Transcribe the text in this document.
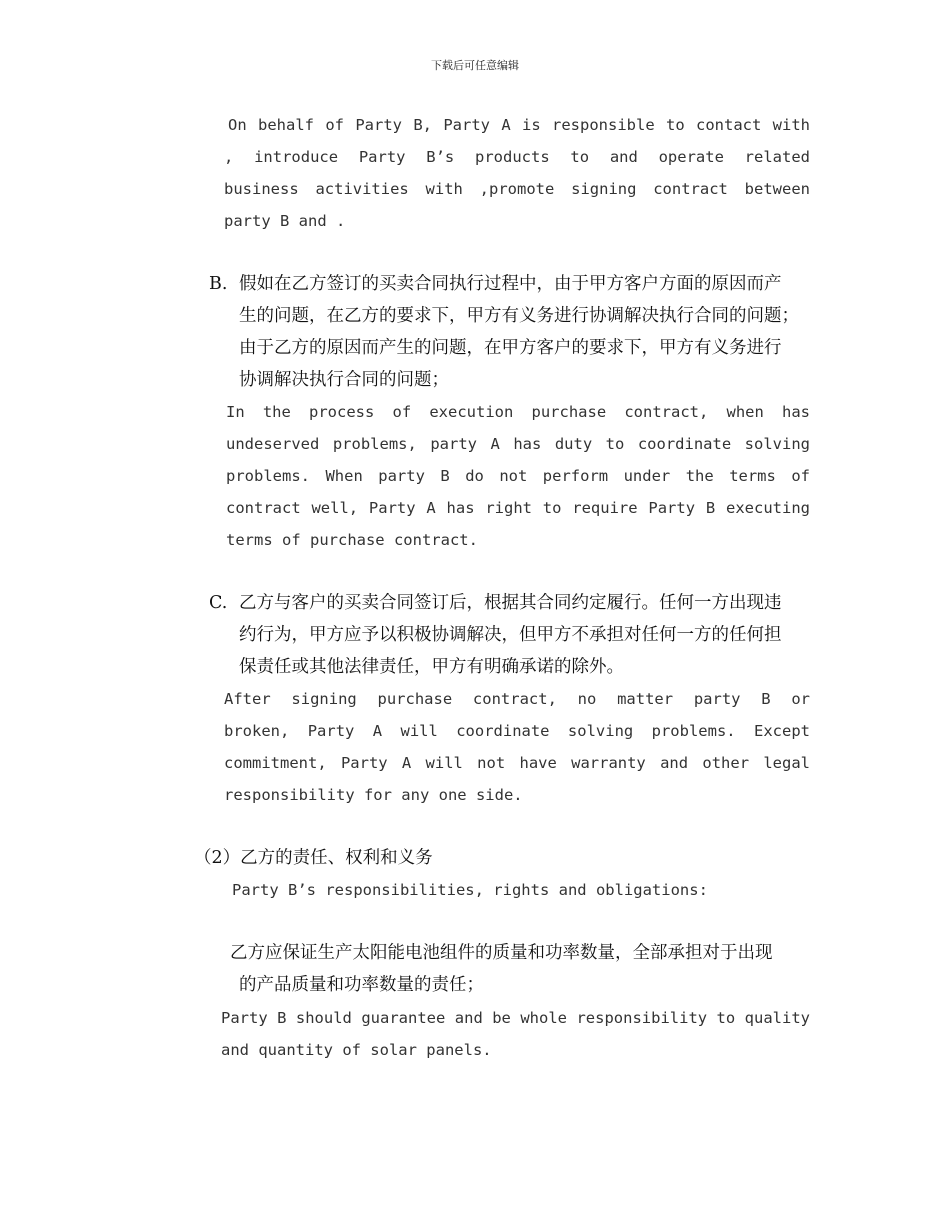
下载后可任意编辑
On behalf of Party B, Party A is responsible to contact with
, introduce Party B’s products to and operate related
business activities with ,promote signing contract between
party B and .
B. 假如在乙方签订的买卖合同执行过程中，由于甲方客户方面的原因而产
生的问题，在乙方的要求下，甲方有义务进行协调解决执行合同的问题；
由于乙方的原因而产生的问题，在甲方客户的要求下，甲方有义务进行
协调解决执行合同的问题；
In the process of execution purchase contract, when has
undeserved problems, party A has duty to coordinate solving
problems. When party B do not perform under the terms of
contract well, Party A has right to require Party B executing
terms of purchase contract.
C. 乙方与客户的买卖合同签订后，根据其合同约定履行。任何一方出现违
约行为，甲方应予以积极协调解决，但甲方不承担对任何一方的任何担
保责任或其他法律责任，甲方有明确承诺的除外。
After signing purchase contract, no matter party B or
broken, Party A will coordinate solving problems. Except
commitment, Party A will not have warranty and other legal
responsibility for any one side.
（2）乙方的责任、权利和义务
Party B’s responsibilities, rights and obligations:
乙方应保证生产太阳能电池组件的质量和功率数量，全部承担对于出现
的产品质量和功率数量的责任；
Party B should guarantee and be whole responsibility to quality
and quantity of solar panels.
